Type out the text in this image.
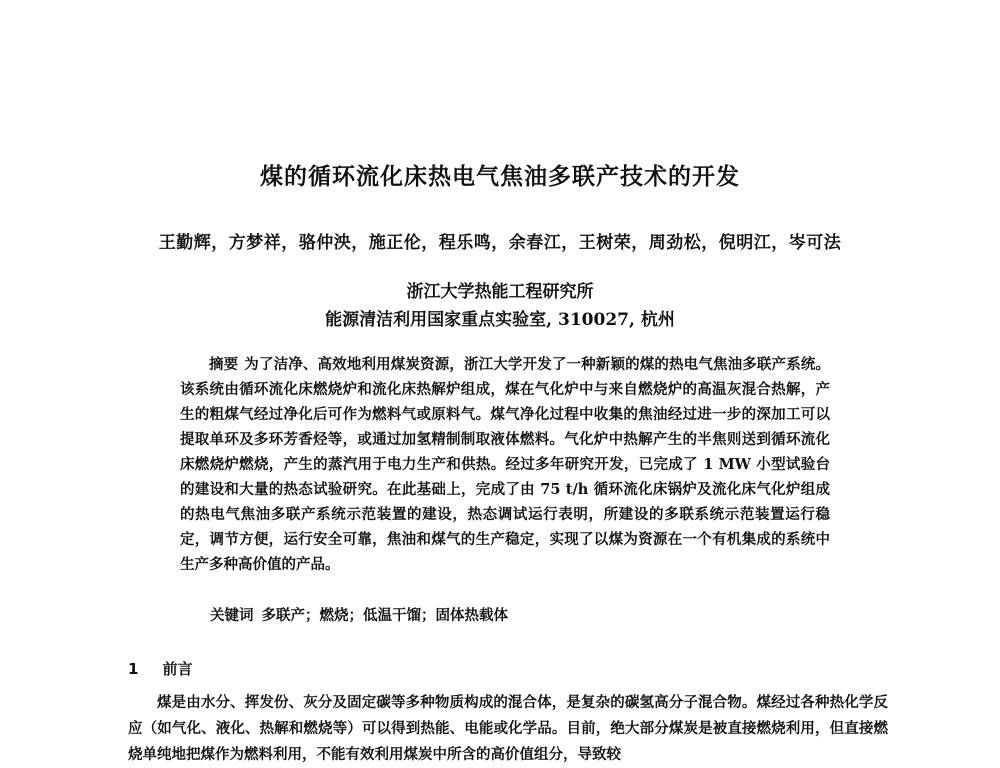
煤的循环流化床热电气焦油多联产技术的开发
王勤辉，方梦祥，骆仲泱，施正伦，程乐鸣，余春江，王树荣，周劲松，倪明江，岑可法
浙江大学热能工程研究所
能源清洁利用国家重点实验室, 310027, 杭州
摘要 为了洁净、高效地利用煤炭资源，浙江大学开发了一种新颖的煤的热电气焦油多联产系统。该系统由循环流化床燃烧炉和流化床热解炉组成，煤在气化炉中与来自燃烧炉的高温灰混合热解，产生的粗煤气经过净化后可作为燃料气或原料气。煤气净化过程中收集的焦油经过进一步的深加工可以提取单环及多环芳香烃等，或通过加氢精制制取液体燃料。气化炉中热解产生的半焦则送到循环流化床燃烧炉燃烧，产生的蒸汽用于电力生产和供热。经过多年研究开发，已完成了 1 MW 小型试验台的建设和大量的热态试验研究。在此基础上，完成了由 75 t/h 循环流化床锅炉及流化床气化炉组成的热电气焦油多联产系统示范装置的建设，热态调试运行表明，所建设的多联系统示范装置运行稳定，调节方便，运行安全可靠，焦油和煤气的生产稳定，实现了以煤为资源在一个有机集成的系统中生产多种高价值的产品。
关键词 多联产；燃烧；低温干馏；固体热载体
1 前言
煤是由水分、挥发份、灰分及固定碳等多种物质构成的混合体，是复杂的碳氢高分子混合物。煤经过各种热化学反应（如气化、液化、热解和燃烧等）可以得到热能、电能或化学品。目前，绝大部分煤炭是被直接燃烧利用，但直接燃烧单纯地把煤作为燃料利用，不能有效利用煤炭中所含的高价值组分，导致较
